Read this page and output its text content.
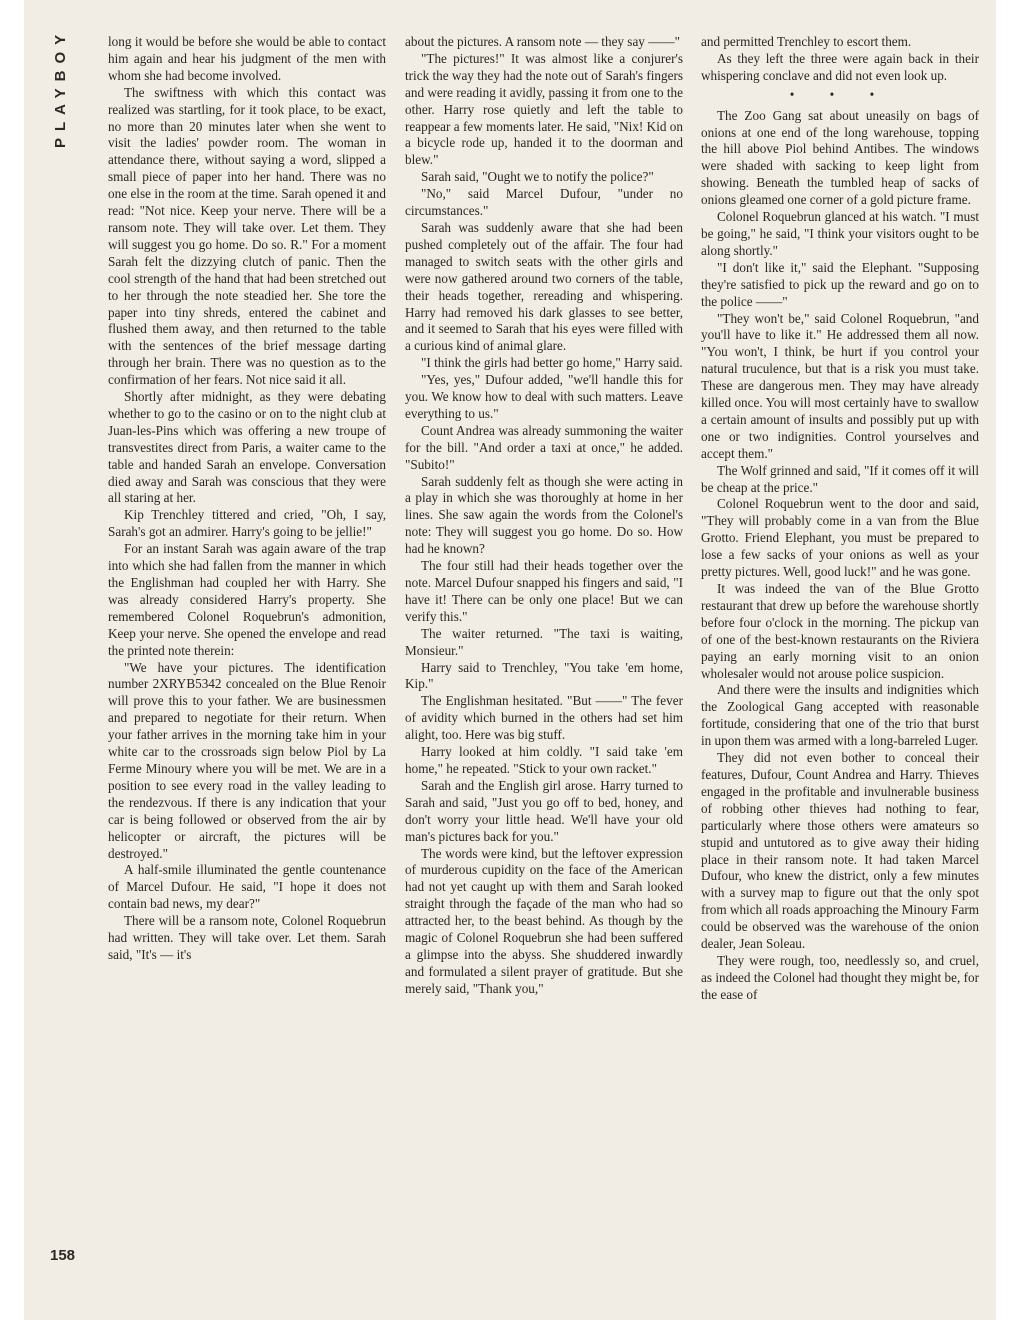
PLAYBOY
158

long it would be before she would be able to contact him again and hear his judgment of the men with whom she had become involved.

The swiftness with which this contact was realized was startling, for it took place, to be exact, no more than 20 minutes later when she went to visit the ladies' powder room. The woman in attendance there, without saying a word, slipped a small piece of paper into her hand. There was no one else in the room at the time. Sarah opened it and read: "Not nice. Keep your nerve. There will be a ransom note. They will take over. Let them. They will suggest you go home. Do so. R." For a moment Sarah felt the dizzying clutch of panic. Then the cool strength of the hand that had been stretched out to her through the note steadied her. She tore the paper into tiny shreds, entered the cabinet and flushed them away, and then returned to the table with the sentences of the brief message darting through her brain. There was no question as to the confirmation of her fears. Not nice said it all.

Shortly after midnight, as they were debating whether to go to the casino or on to the night club at Juan-les-Pins which was offering a new troupe of transvestites direct from Paris, a waiter came to the table and handed Sarah an envelope. Conversation died away and Sarah was conscious that they were all staring at her.

Kip Trenchley tittered and cried, "Oh, I say, Sarah's got an admirer. Harry's going to be jellie!"

For an instant Sarah was again aware of the trap into which she had fallen from the manner in which the Englishman had coupled her with Harry. She was already considered Harry's property. She remembered Colonel Roquebrun's admonition, Keep your nerve. She opened the envelope and read the printed note therein:

"We have your pictures. The identification number 2XRYB5342 concealed on the Blue Renoir will prove this to your father. We are businessmen and prepared to negotiate for their return. When your father arrives in the morning take him in your white car to the crossroads sign below Piol by La Ferme Minoury where you will be met. We are in a position to see every road in the valley leading to the rendezvous. If there is any indication that your car is being followed or observed from the air by helicopter or aircraft, the pictures will be destroyed."

A half-smile illuminated the gentle countenance of Marcel Dufour. He said, "I hope it does not contain bad news, my dear?"

There will be a ransom note, Colonel Roquebrun had written. They will take over. Let them. Sarah said, "It's — it's

about the pictures. A ransom note — they say ——"

"The pictures!" It was almost like a conjurer's trick the way they had the note out of Sarah's fingers and were reading it avidly, passing it from one to the other. Harry rose quietly and left the table to reappear a few moments later. He said, "Nix! Kid on a bicycle rode up, handed it to the doorman and blew."

Sarah said, "Ought we to notify the police?"

"No," said Marcel Dufour, "under no circumstances."

Sarah was suddenly aware that she had been pushed completely out of the affair. The four had managed to switch seats with the other girls and were now gathered around two corners of the table, their heads together, rereading and whispering. Harry had removed his dark glasses to see better, and it seemed to Sarah that his eyes were filled with a curious kind of animal glare.

"I think the girls had better go home," Harry said.

"Yes, yes," Dufour added, "we'll handle this for you. We know how to deal with such matters. Leave everything to us."

Count Andrea was already summoning the waiter for the bill. "And order a taxi at once," he added. "Subito!"

Sarah suddenly felt as though she were acting in a play in which she was thoroughly at home in her lines. She saw again the words from the Colonel's note: They will suggest you go home. Do so. How had he known?

The four still had their heads together over the note. Marcel Dufour snapped his fingers and said, "I have it! There can be only one place! But we can verify this."

The waiter returned. "The taxi is waiting, Monsieur."

Harry said to Trenchley, "You take 'em home, Kip."

The Englishman hesitated. "But ——" The fever of avidity which burned in the others had set him alight, too. Here was big stuff.

Harry looked at him coldly. "I said take 'em home," he repeated. "Stick to your own racket."

Sarah and the English girl arose. Harry turned to Sarah and said, "Just you go off to bed, honey, and don't worry your little head. We'll have your old man's pictures back for you."

The words were kind, but the leftover expression of murderous cupidity on the face of the American had not yet caught up with them and Sarah looked straight through the façade of the man who had so attracted her, to the beast behind. As though by the magic of Colonel Roquebrun she had been suffered a glimpse into the abyss. She shuddered inwardly and formulated a silent prayer of gratitude. But she merely said, "Thank you,"

and permitted Trenchley to escort them.

As they left the three were again back in their whispering conclave and did not even look up.

• • •

The Zoo Gang sat about uneasily on bags of onions at one end of the long warehouse, topping the hill above Piol behind Antibes. The windows were shaded with sacking to keep light from showing. Beneath the tumbled heap of sacks of onions gleamed one corner of a gold picture frame.

Colonel Roquebrun glanced at his watch. "I must be going," he said, "I think your visitors ought to be along shortly."

"I don't like it," said the Elephant. "Supposing they're satisfied to pick up the reward and go on to the police ——"

"They won't be," said Colonel Roquebrun, "and you'll have to like it." He addressed them all now. "You won't, I think, be hurt if you control your natural truculence, but that is a risk you must take. These are dangerous men. They may have already killed once. You will most certainly have to swallow a certain amount of insults and possibly put up with one or two indignities. Control yourselves and accept them."

The Wolf grinned and said, "If it comes off it will be cheap at the price."

Colonel Roquebrun went to the door and said, "They will probably come in a van from the Blue Grotto. Friend Elephant, you must be prepared to lose a few sacks of your onions as well as your pretty pictures. Well, good luck!" and he was gone.

It was indeed the van of the Blue Grotto restaurant that drew up before the warehouse shortly before four o'clock in the morning. The pickup van of one of the best-known restaurants on the Riviera paying an early morning visit to an onion wholesaler would not arouse police suspicion.

And there were the insults and indignities which the Zoological Gang accepted with reasonable fortitude, considering that one of the trio that burst in upon them was armed with a long-barreled Luger.

They did not even bother to conceal their features, Dufour, Count Andrea and Harry. Thieves engaged in the profitable and invulnerable business of robbing other thieves had nothing to fear, particularly where those others were amateurs so stupid and untutored as to give away their hiding place in their ransom note. It had taken Marcel Dufour, who knew the district, only a few minutes with a survey map to figure out that the only spot from which all roads approaching the Minoury Farm could be observed was the warehouse of the onion dealer, Jean Soleau.

They were rough, too, needlessly so, and cruel, as indeed the Colonel had thought they might be, for the ease of
